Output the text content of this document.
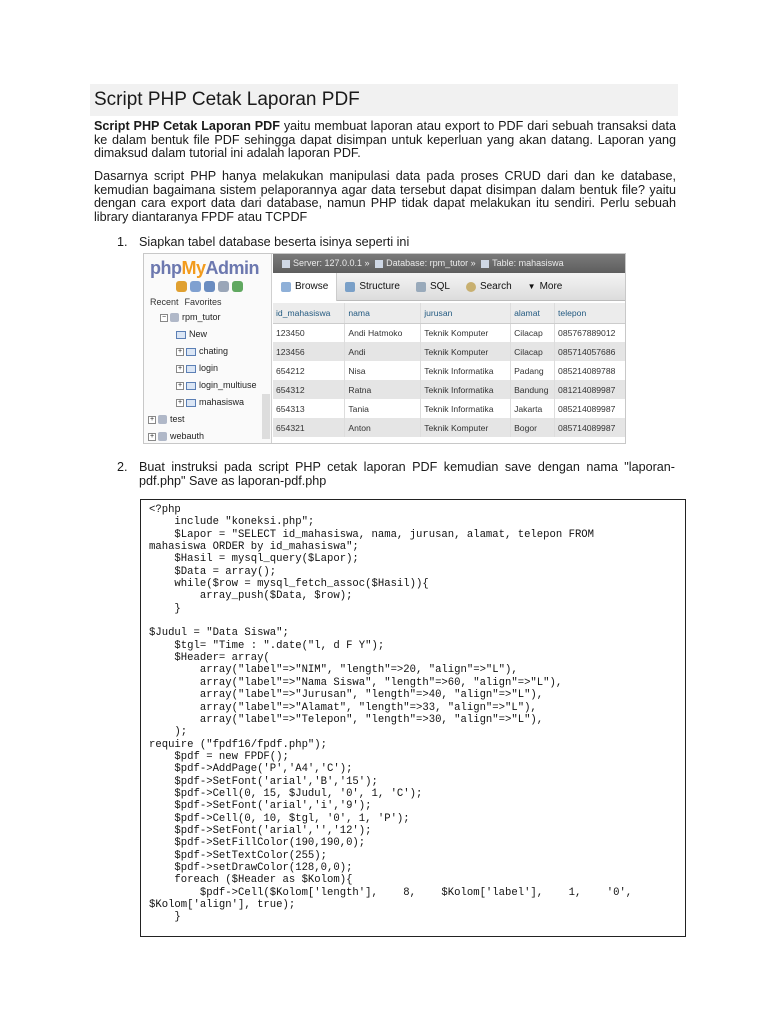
Script PHP Cetak Laporan PDF
Script PHP Cetak Laporan PDF yaitu membuat laporan atau export to PDF dari sebuah transaksi data ke dalam bentuk file PDF sehingga dapat disimpan untuk keperluan yang akan datang. Laporan yang dimaksud dalam tutorial ini adalah laporan PDF.
Dasarnya script PHP hanya melakukan manipulasi data pada proses CRUD dari dan ke database, kemudian bagaimana sistem pelaporannya agar data tersebut dapat disimpan dalam bentuk file? yaitu dengan cara export data dari database, namun PHP tidak dapat melakukan itu sendiri. Perlu sebuah library diantaranya FPDF atau TCPDF
1. Siapkan tabel database beserta isinya seperti ini
phpMyAdmin
Recent Favorites
− rpm_tutor
New
+ chating
+ login
+ login_multiuse
+ mahasiswa
+ test
+ webauth
Server: 127.0.0.1 » Database: rpm_tutor » Table: mahasiswa
Browse	Structure	SQL	Search ▼ More
id_mahasiswa	nama	jurusan	alamat	telepon
123450	Andi Hatmoko	Teknik Komputer	Cilacap	085767889012
123456	Andi	Teknik Komputer	Cilacap	085714057686
654212	Nisa	Teknik Informatika	Padang	085214089788
654312	Ratna	Teknik Informatika	Bandung	081214089987
654313	Tania	Teknik Informatika	Jakarta	085214089987
654321	Anton	Teknik Komputer	Bogor	085714089987
2. Buat instruksi pada script PHP cetak laporan PDF kemudian save dengan nama "laporan-pdf.php" Save as laporan-pdf.php
<?php
include "koneksi.php";
$Lapor = "SELECT id_mahasiswa, nama, jurusan, alamat, telepon FROM
mahasiswa ORDER by id_mahasiswa";
$Hasil = mysql_query($Lapor);
$Data = array();
while($row = mysql_fetch_assoc($Hasil)){
array_push($Data, $row);
}

$Judul = "Data Siswa";
$tgl= "Time : ".date("l, d F Y");
$Header= array(
array("label"=>"NIM", "length"=>20, "align"=>"L"),
array("label"=>"Nama Siswa", "length"=>60, "align"=>"L"),
array("label"=>"Jurusan", "length"=>40, "align"=>"L"),
array("label"=>"Alamat", "length"=>33, "align"=>"L"),
array("label"=>"Telepon", "length"=>30, "align"=>"L"),
);
require ("fpdf16/fpdf.php");
$pdf = new FPDF();
$pdf->AddPage('P','A4','C');
$pdf->SetFont('arial','B','15');
$pdf->Cell(0, 15, $Judul, '0', 1, 'C');
$pdf->SetFont('arial','i','9');
$pdf->Cell(0, 10, $tgl, '0', 1, 'P');
$pdf->SetFont('arial','','12');
$pdf->SetFillColor(190,190,0);
$pdf->SetTextColor(255);
$pdf->setDrawColor(128,0,0);
foreach ($Header as $Kolom){
$pdf->Cell($Kolom['length'],    8,    $Kolom['label'],    1,    '0',
$Kolom['align'], true);
}
